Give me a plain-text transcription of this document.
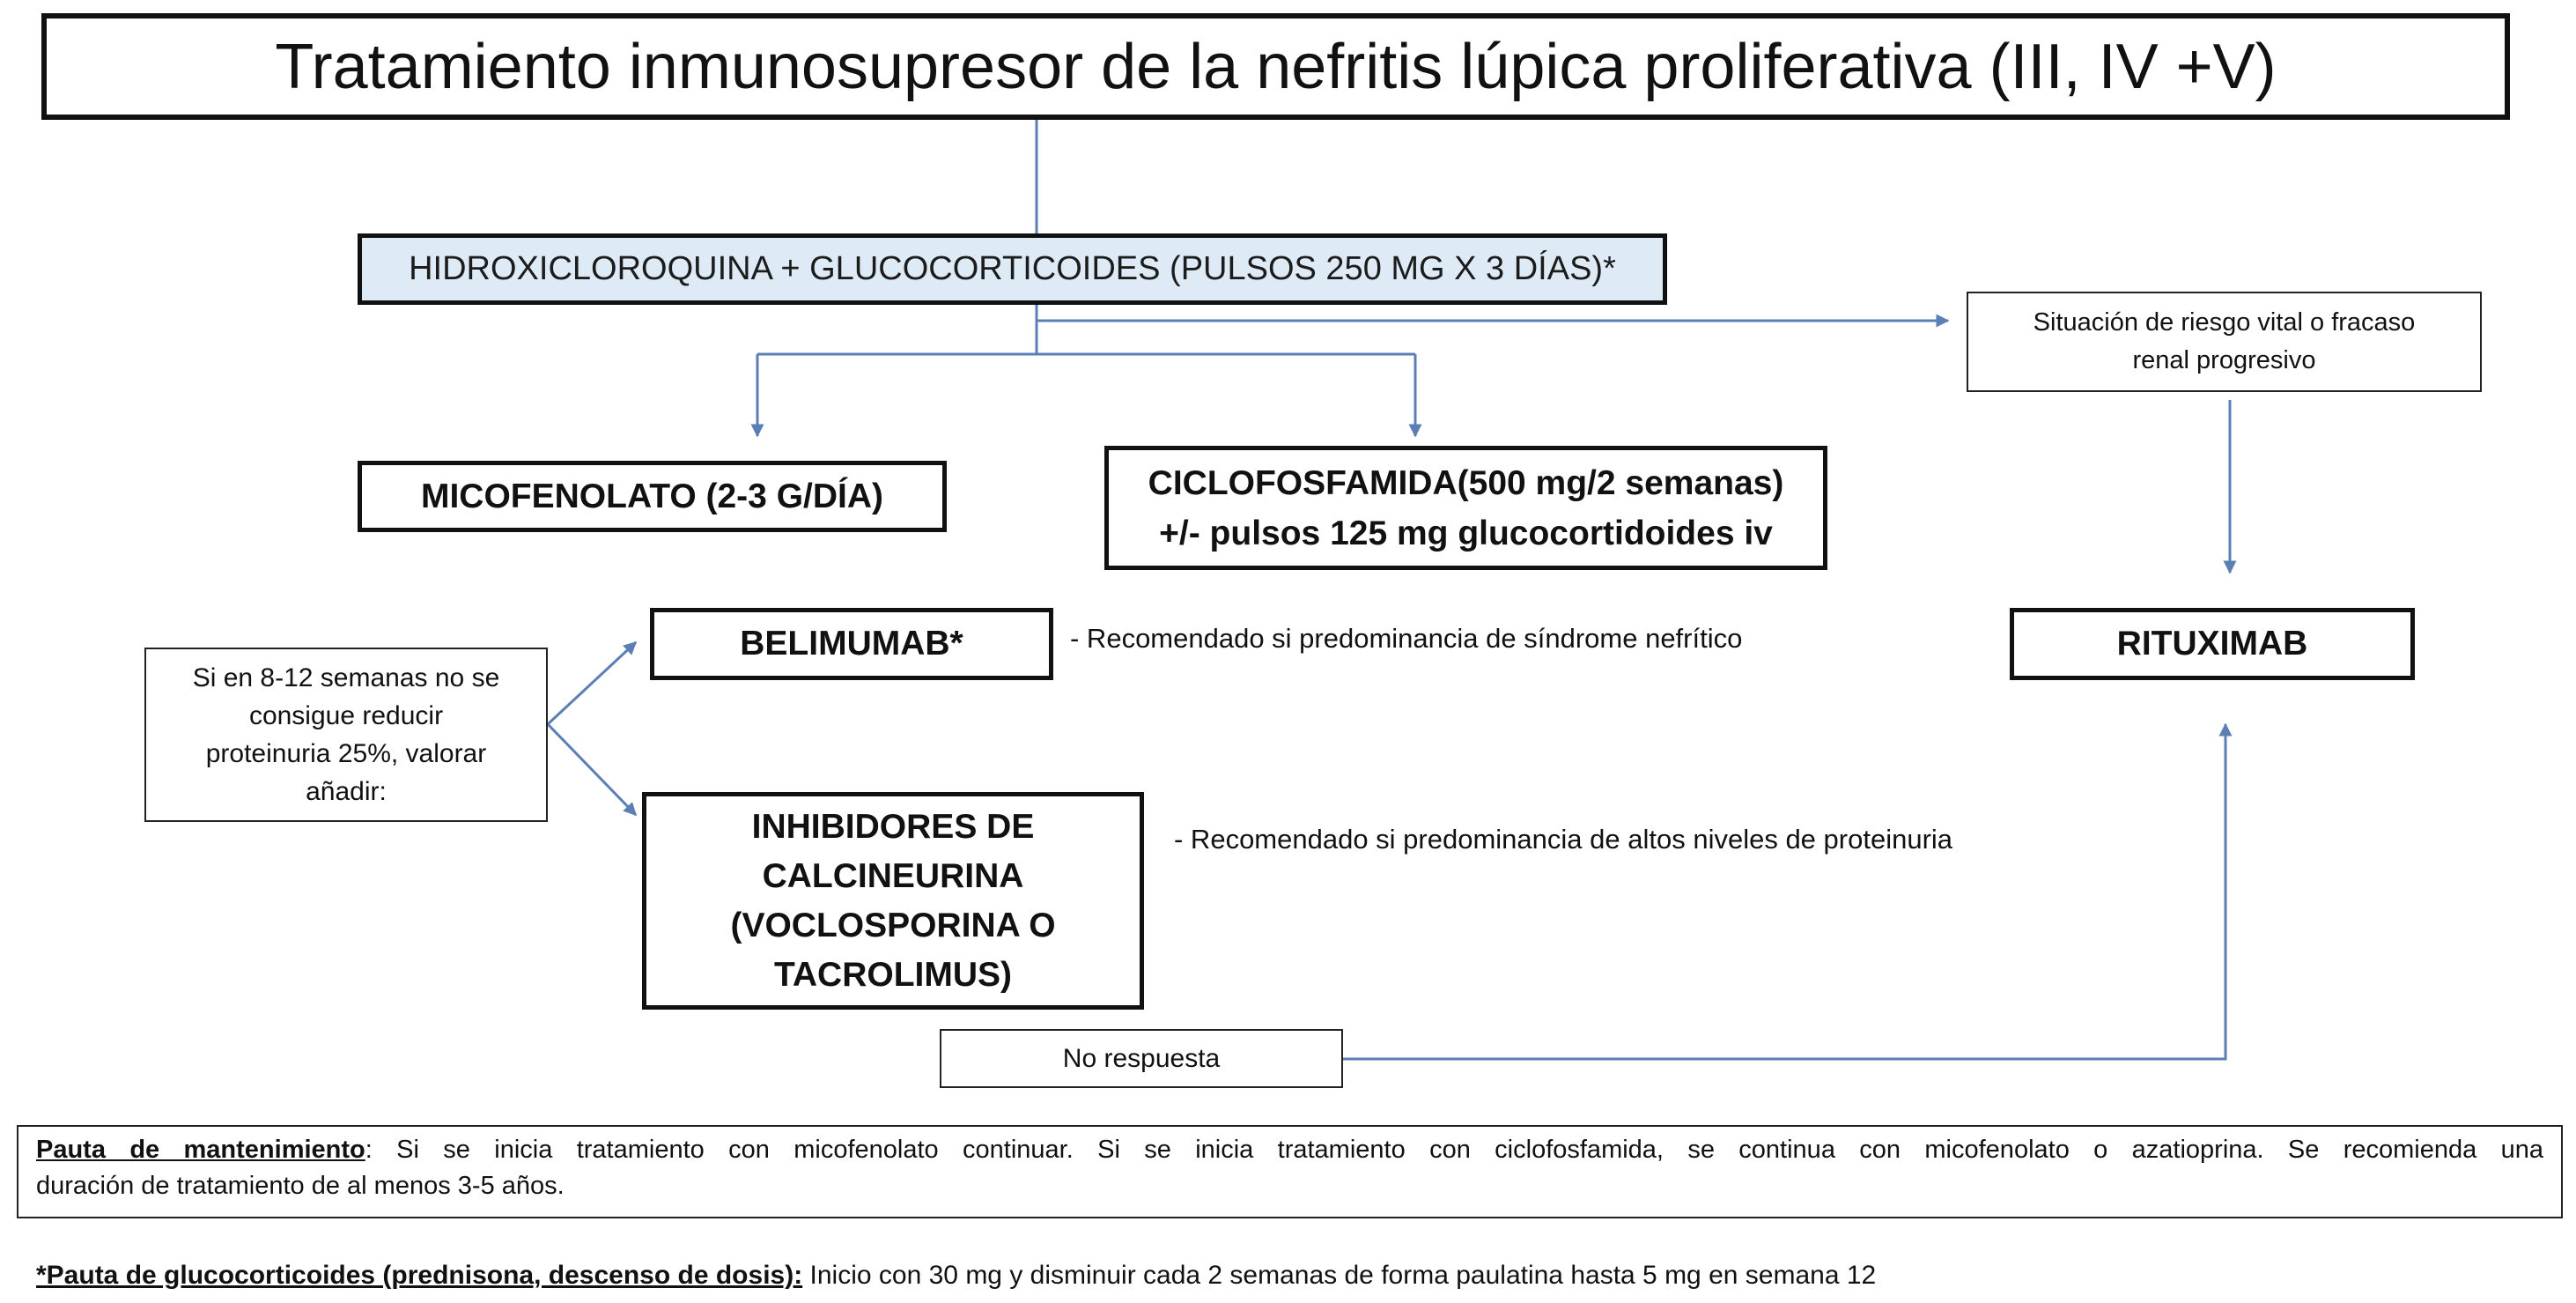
Tratamiento inmunosupresor de la nefritis lúpica proliferativa (III, IV +V)
HIDROXICLOROQUINA + GLUCOCORTICOIDES (PULSOS 250 MG X 3 DÍAS)*
Situación de riesgo vital o fracaso
renal progresivo
MICOFENOLATO (2-3 G/DÍA)	CICLOFOSFAMIDA(500 mg/2 semanas)
+/- pulsos 125 mg glucocortidoides iv
BELIMUMAB*	- Recomendado si predominancia de síndrome nefrítico	RITUXIMAB
Si en 8-12 semanas no se
consigue reducir
proteinuria 25%, valorar
añadir:
INHIBIDORES DE
CALCINEURINA
(VOCLOSPORINA O
TACROLIMUS)
- Recomendado si predominancia de altos niveles de proteinuria
No respuesta
Pauta de mantenimiento: Si se inicia tratamiento con micofenolato continuar. Si se inicia tratamiento con ciclofosfamida, se continua con micofenolato o azatioprina. Se recomienda una
duración de tratamiento de al menos 3-5 años.
*Pauta de glucocorticoides (prednisona, descenso de dosis): Inicio con 30 mg y disminuir cada 2 semanas de forma paulatina hasta 5 mg en semana 12
